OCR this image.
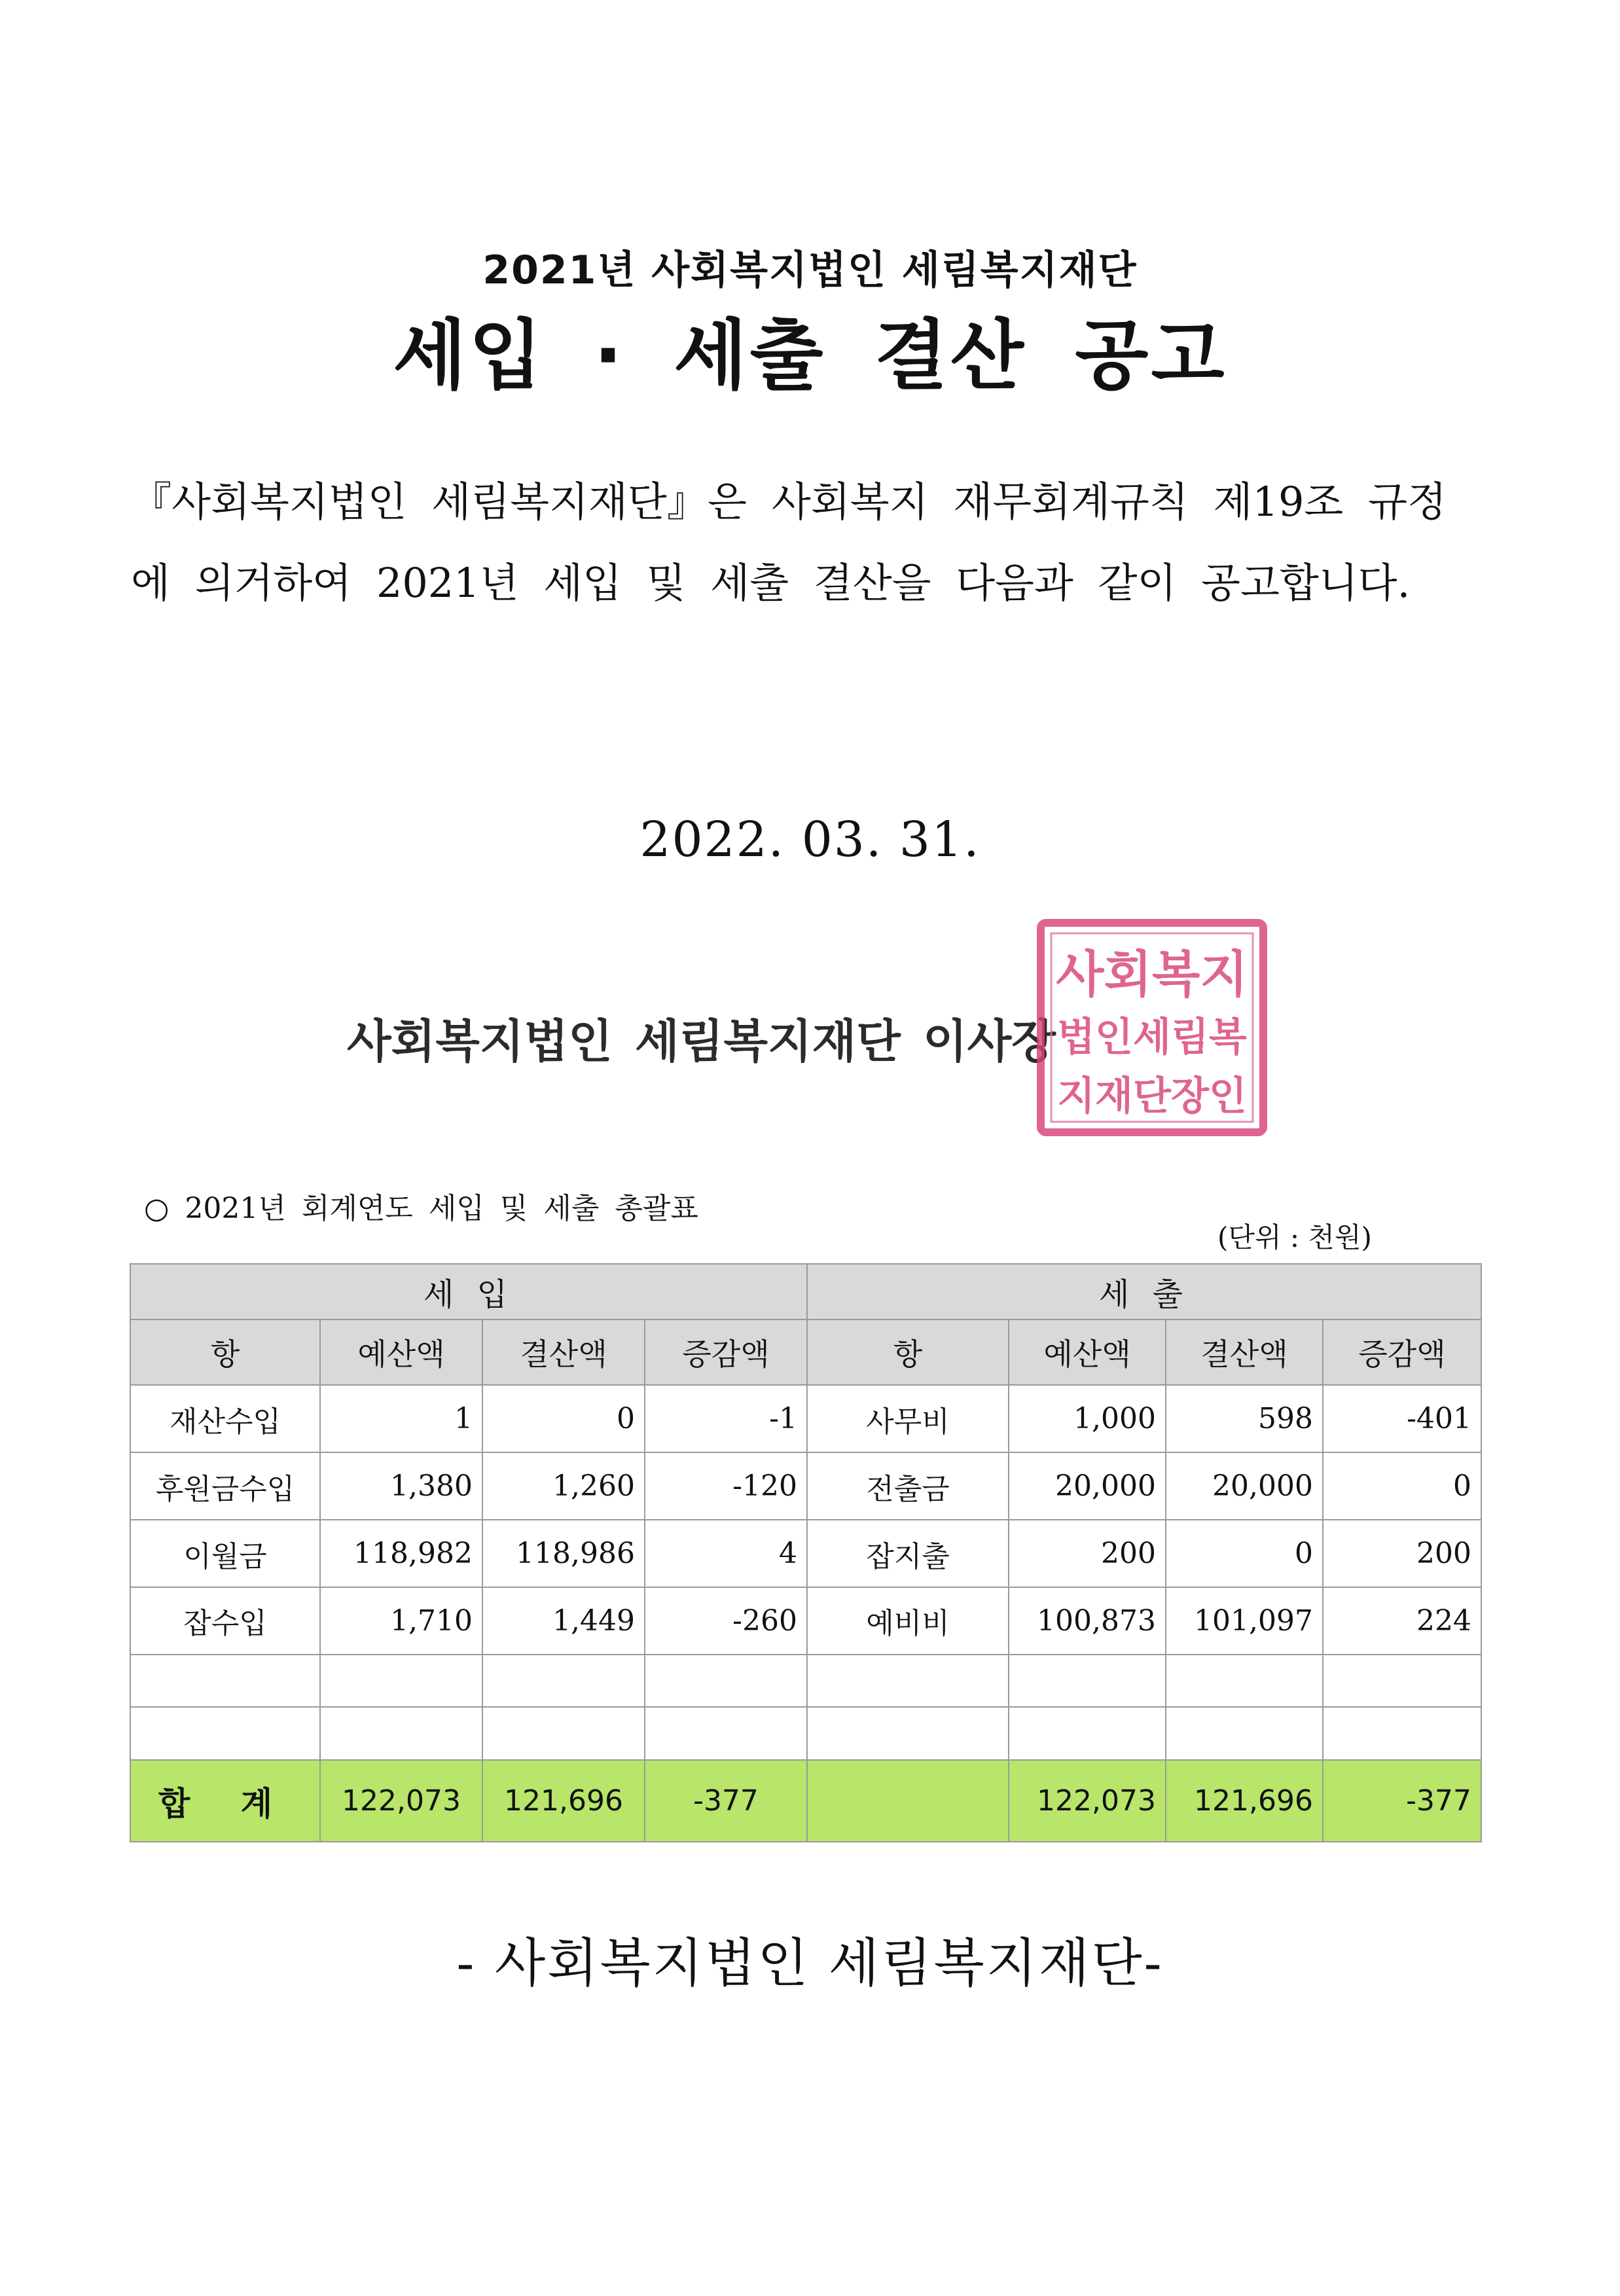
2021년 사회복지법인 세림복지재단
세입 · 세출 결산 공고
『사회복지법인 세림복지재단』은 사회복지 재무회계규칙 제19조 규정에 의거하여 2021년 세입 및 세출 결산을 다음과 같이 공고합니다.
2022. 03. 31.
사회복지법인 세림복지재단 이사장
사회복지
법인세림복
지재단장인
○ 2021년 회계연도 세입 및 세출 총괄표
(단위 : 천원)
세 입				세 출			
항	예산액	결산액	증감액	항	예산액	결산액	증감액
재산수입	1	0	-1	사무비	1,000	598	-401
후원금수입	1,380	1,260	-120	전출금	20,000	20,000	0
이월금	118,982	118,986	4	잡지출	200	0	200
잡수입	1,710	1,449	-260	예비비	100,873	101,097	224

합 계	122,073	121,696	-377		122,073	121,696	-377
- 사회복지법인 세림복지재단-
